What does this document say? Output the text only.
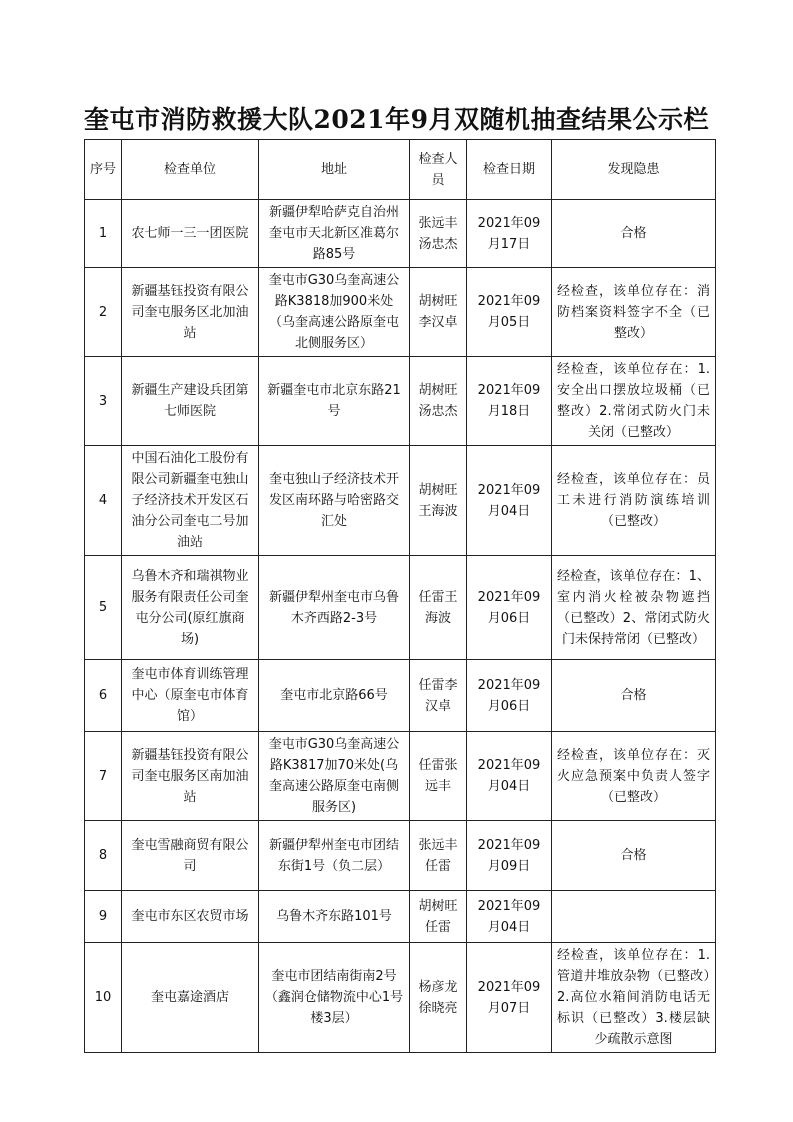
奎屯市消防救援大队2021年9月双随机抽查结果公示栏
序号	检查单位	地址	检查人员	检查日期	发现隐患
1	农七师一三一团医院	新疆伊犁哈萨克自治州奎屯市天北新区准葛尔路85号	张远丰汤忠杰	2021年09月17日	合格
2	新疆基钰投资有限公司奎屯服务区北加油站	奎屯市G30乌奎高速公路K3818加900米处（乌奎高速公路原奎屯北侧服务区）	胡树旺李汉卓	2021年09月05日	经检查，该单位存在：消防档案资料签字不全（已整改）
3	新疆生产建设兵团第七师医院	新疆奎屯市北京东路21号	胡树旺汤忠杰	2021年09月18日	经检查，该单位存在：1.安全出口摆放垃圾桶（已整改）2.常闭式防火门未关闭（已整改）
4	中国石油化工股份有限公司新疆奎屯独山子经济技术开发区石油分公司奎屯二号加油站	奎屯独山子经济技术开发区南环路与哈密路交汇处	胡树旺王海波	2021年09月04日	经检查，该单位存在：员工未进行消防演练培训（已整改）
5	乌鲁木齐和瑞祺物业服务有限责任公司奎屯分公司(原红旗商场)	新疆伊犁州奎屯市乌鲁木齐西路2-3号	任雷王海波	2021年09月06日	经检查，该单位存在：1、室内消火栓被杂物遮挡（已整改）2、常闭式防火门未保持常闭（已整改）
6	奎屯市体育训练管理中心（原奎屯市体育馆）	奎屯市北京路66号	任雷李汉卓	2021年09月06日	合格
7	新疆基钰投资有限公司奎屯服务区南加油站	奎屯市G30乌奎高速公路K3817加70米处(乌奎高速公路原奎屯南侧服务区)	任雷张远丰	2021年09月04日	经检查，该单位存在：灭火应急预案中负责人签字（已整改）
8	奎屯雪融商贸有限公司	新疆伊犁州奎屯市团结东街1号（负二层）	张远丰任雷	2021年09月09日	合格
9	奎屯市东区农贸市场	乌鲁木齐东路101号	胡树旺任雷	2021年09月04日	
10	奎屯嘉途酒店	奎屯市团结南街南2号（鑫润仓储物流中心1号楼3层）	杨彦龙徐晓亮	2021年09月07日	经检查，该单位存在：1.管道井堆放杂物（已整改）2.高位水箱间消防电话无标识（已整改）3.楼层缺少疏散示意图
